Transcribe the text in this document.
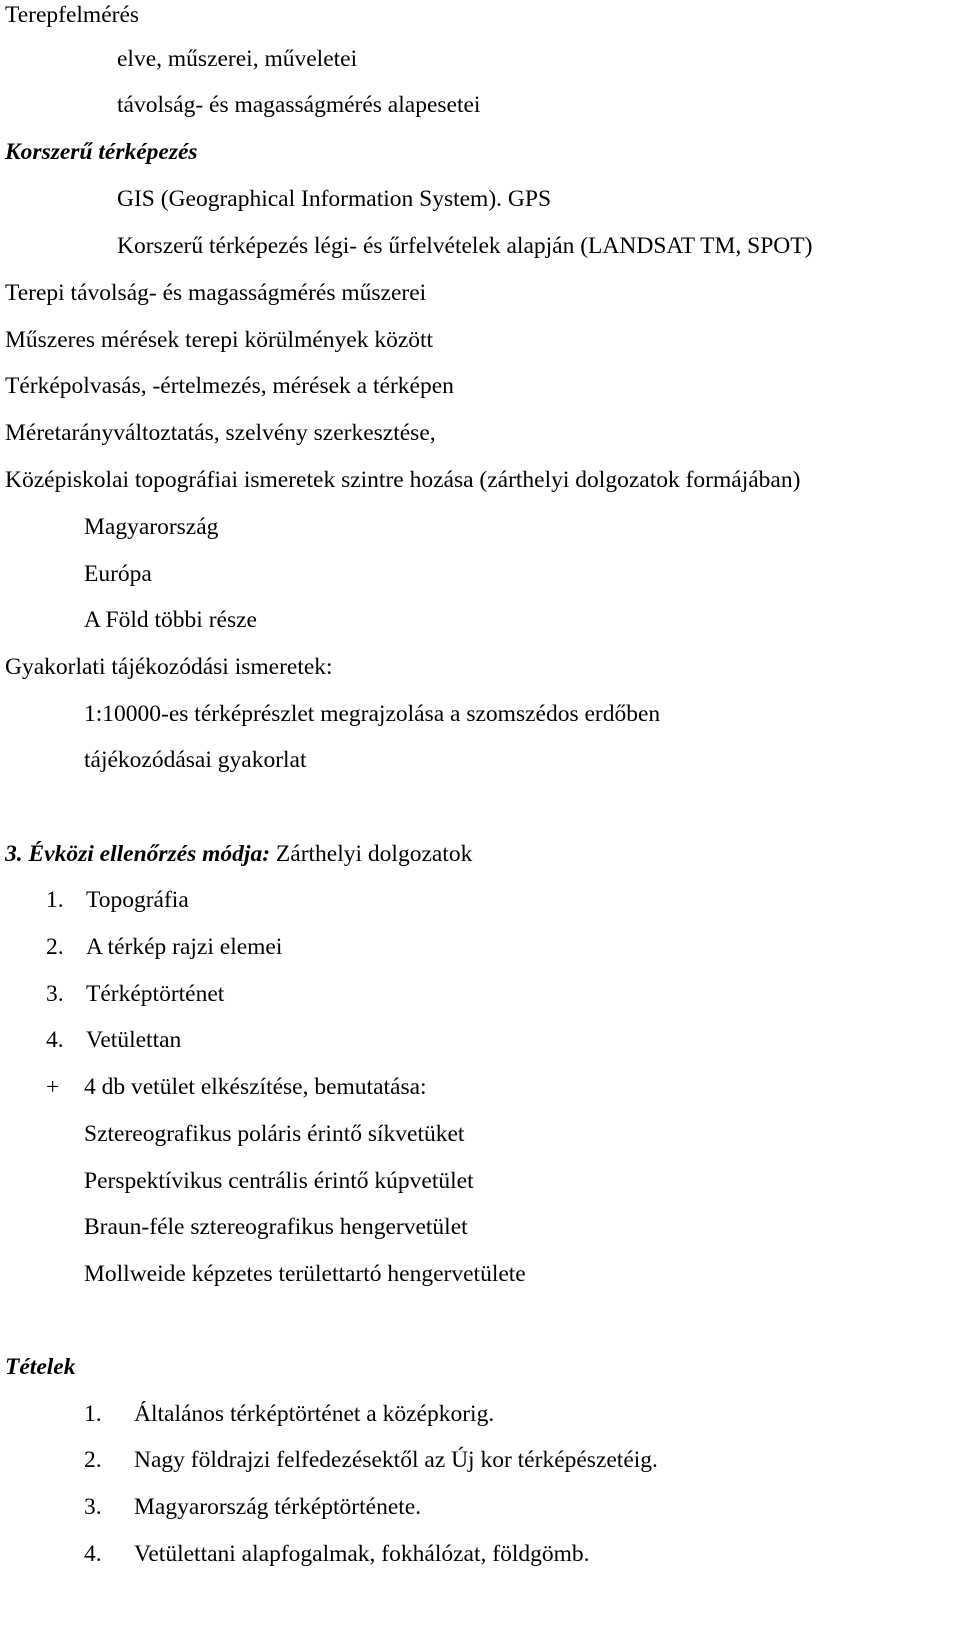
Terepfelmérés
elve, műszerei, műveletei
távolság- és magasságmérés alapesetei
Korszerű térképezés
GIS (Geographical Information System). GPS
Korszerű térképezés légi- és űrfelvételek alapján (LANDSAT TM, SPOT)
Terepi távolság- és magasságmérés műszerei
Műszeres mérések terepi körülmények között
Térképolvasás, -értelmezés, mérések a térképen
Méretarányváltoztatás, szelvény szerkesztése,
Középiskolai topográfiai ismeretek szintre hozása (zárthelyi dolgozatok formájában)
Magyarország
Európa
A Föld többi része
Gyakorlati tájékozódási ismeretek:
1:10000-es térképrészlet megrajzolása a szomszédos erdőben
tájékozódásai gyakorlat
3. Évközi ellenőrzés módja: Zárthelyi dolgozatok
1. Topográfia
2. A térkép rajzi elemei
3. Térképtörténet
4. Vetülettan
+ 4 db vetület elkészítése, bemutatása:
Sztereografikus poláris érintő síkvetüket
Perspektívikus centrális érintő kúpvetület
Braun-féle sztereografikus hengervetület
Mollweide képzetes területtartó hengervetülete
Tételek
1. Általános térképtörténet a középkorig.
2. Nagy földrajzi felfedezésektől az Új kor térképészetéig.
3. Magyarország térképtörténete.
4. Vetülettani alapfogalmak, fokhálózat, földgömb.
